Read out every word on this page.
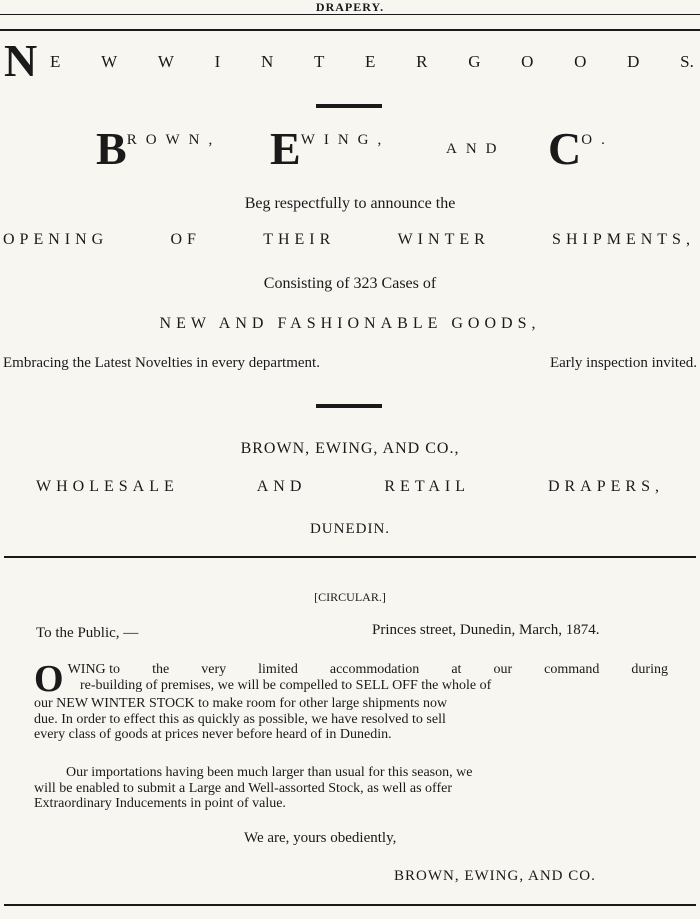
DRAPERY.
N E W W I N T E R G O O D S.
BROWN, EWING,
AND CO.
Beg respectfully to announce the
OPENING	OF	THEIR	WINTER	SHIPMENTS,
Consisting of 323 Cases of
NEW AND FASHIONABLE GOODS,
Embracing the Latest Novelties in every department.	Early inspection invited.
BROWN, EWING, AND CO.,
WHOLESALE	AND	RETAIL	DRAPERS,
DUNEDIN.
[CIRCULAR.]
To the Public, —	Princes street, Dunedin, March, 1874.
O WING to the very limited accommodation at our command during
re-building of premises, we will be compelled to SELL OFF the whole of
our NEW WINTER STOCK to make room for other large shipments now
due. In order to effect this as quickly as possible, we have resolved to sell
every class of goods at prices never before heard of in Dunedin.
Our importations having been much larger than usual for this season, we
will be enabled to submit a Large and Well-assorted Stock, as well as offer
Extraordinary Inducements in point of value.
We are, yours obediently,
BROWN, EWING, AND CO.
